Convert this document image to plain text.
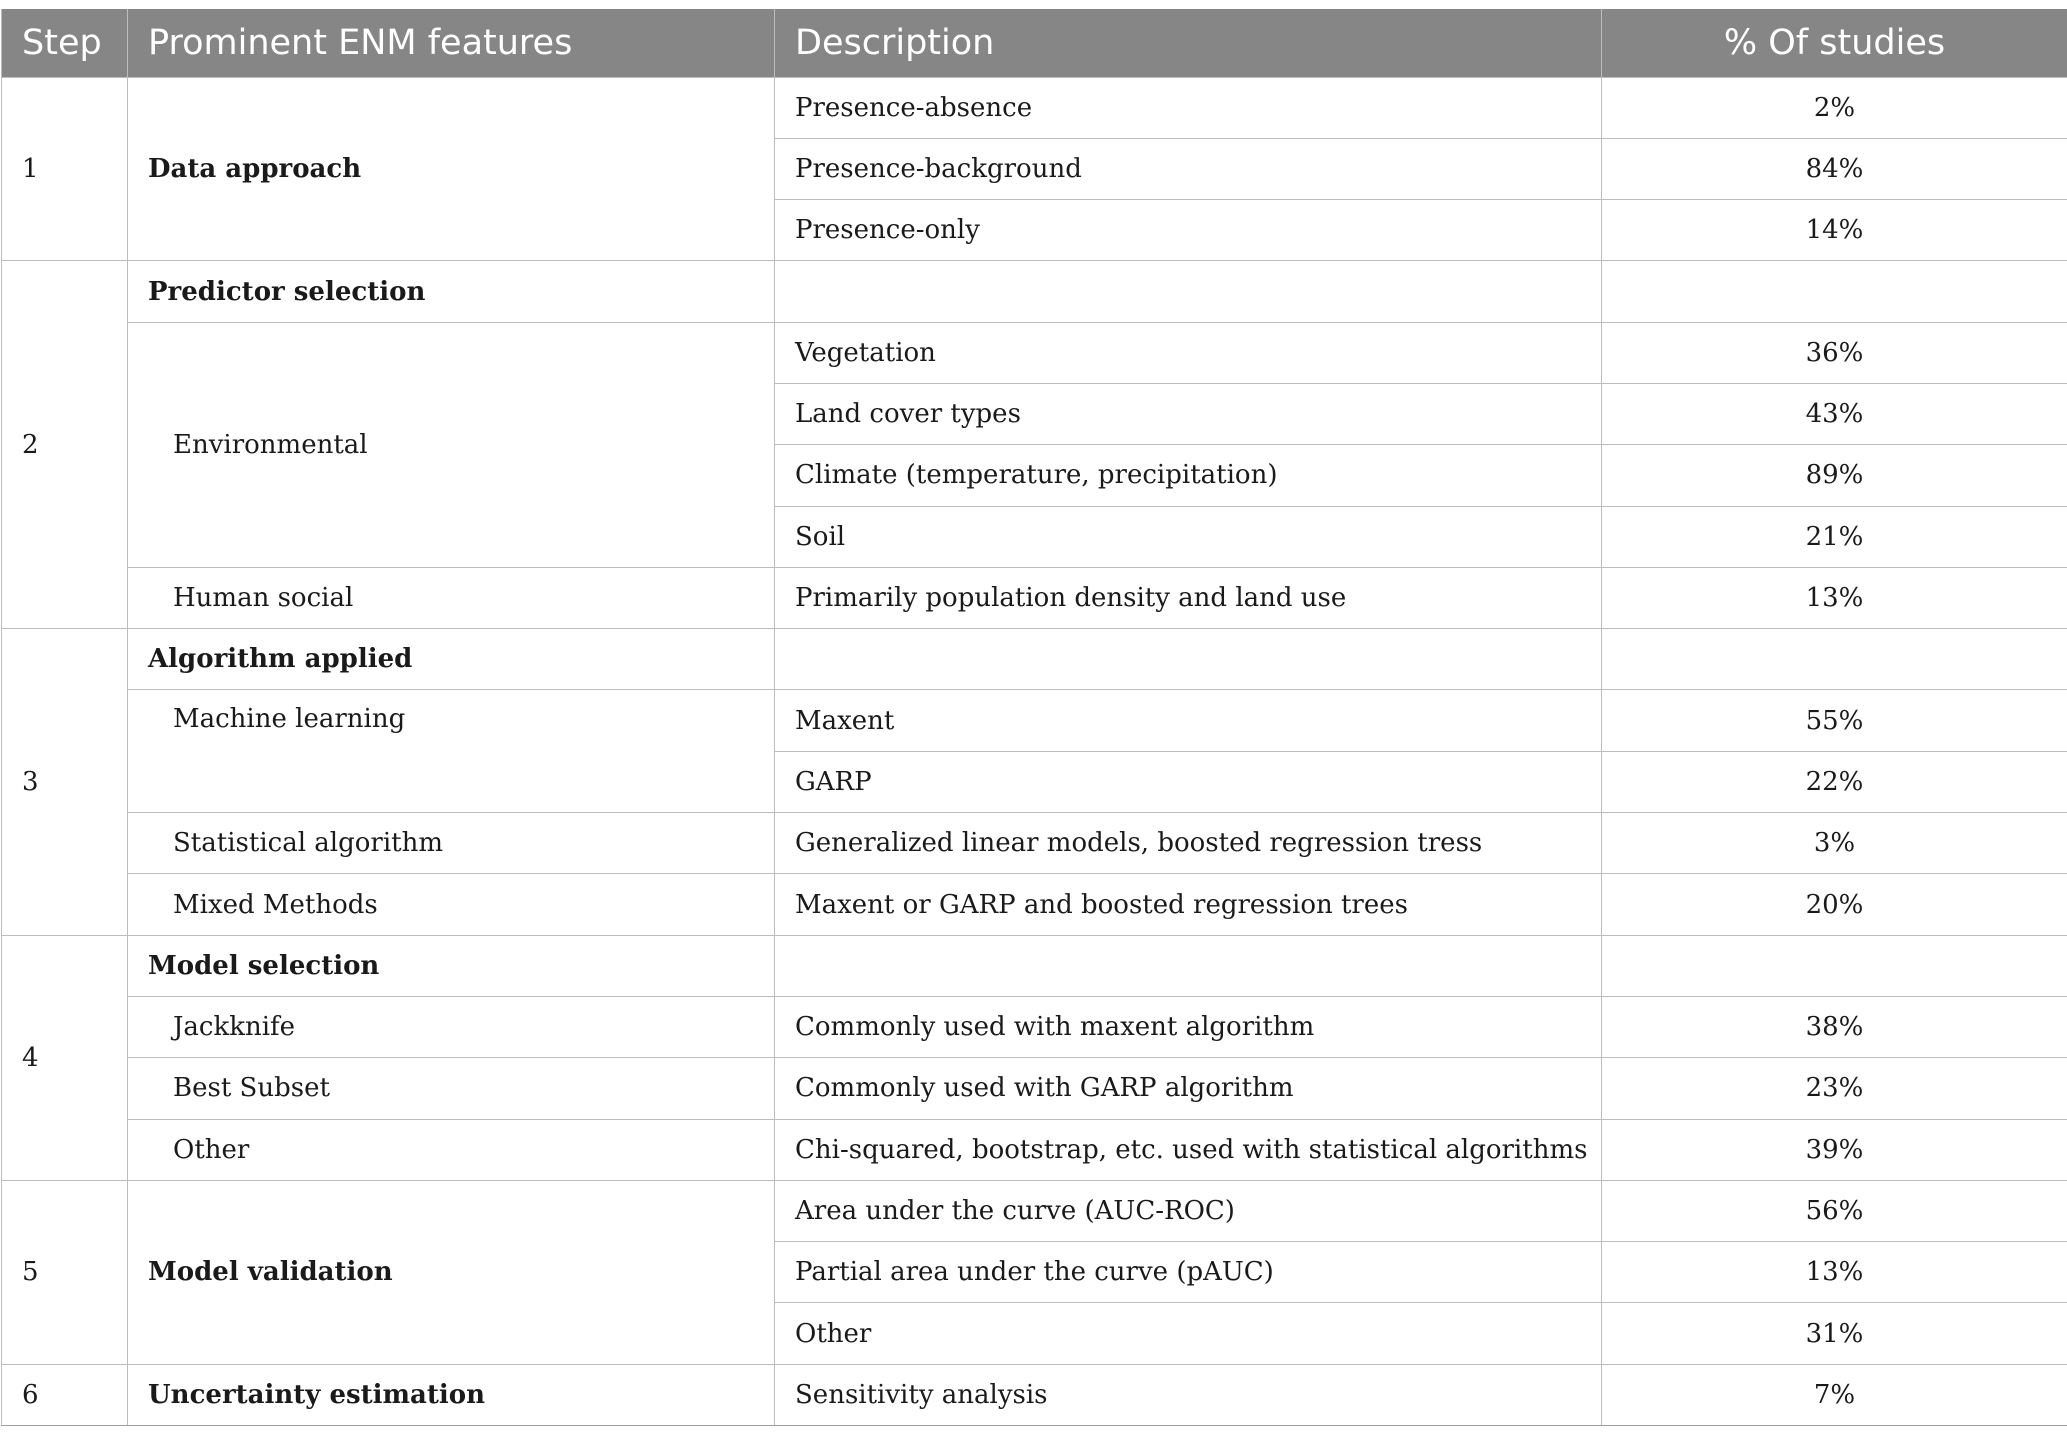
Step	Prominent ENM features	Description	% Of studies
1	Data approach	Presence-absence	2%
		Presence-background	84%
		Presence-only	14%
2	Predictor selection		
	Environmental	Vegetation	36%
		Land cover types	43%
		Climate (temperature, precipitation)	89%
		Soil	21%
	Human social	Primarily population density and land use	13%
3	Algorithm applied		
	Machine learning	Maxent	55%
		GARP	22%
	Statistical algorithm	Generalized linear models, boosted regression tress	3%
	Mixed Methods	Maxent or GARP and boosted regression trees	20%
4	Model selection		
	Jackknife	Commonly used with maxent algorithm	38%
	Best Subset	Commonly used with GARP algorithm	23%
	Other	Chi-squared, bootstrap, etc. used with statistical algorithms	39%
5	Model validation	Area under the curve (AUC-ROC)	56%
		Partial area under the curve (pAUC)	13%
		Other	31%
6	Uncertainty estimation	Sensitivity analysis	7%
